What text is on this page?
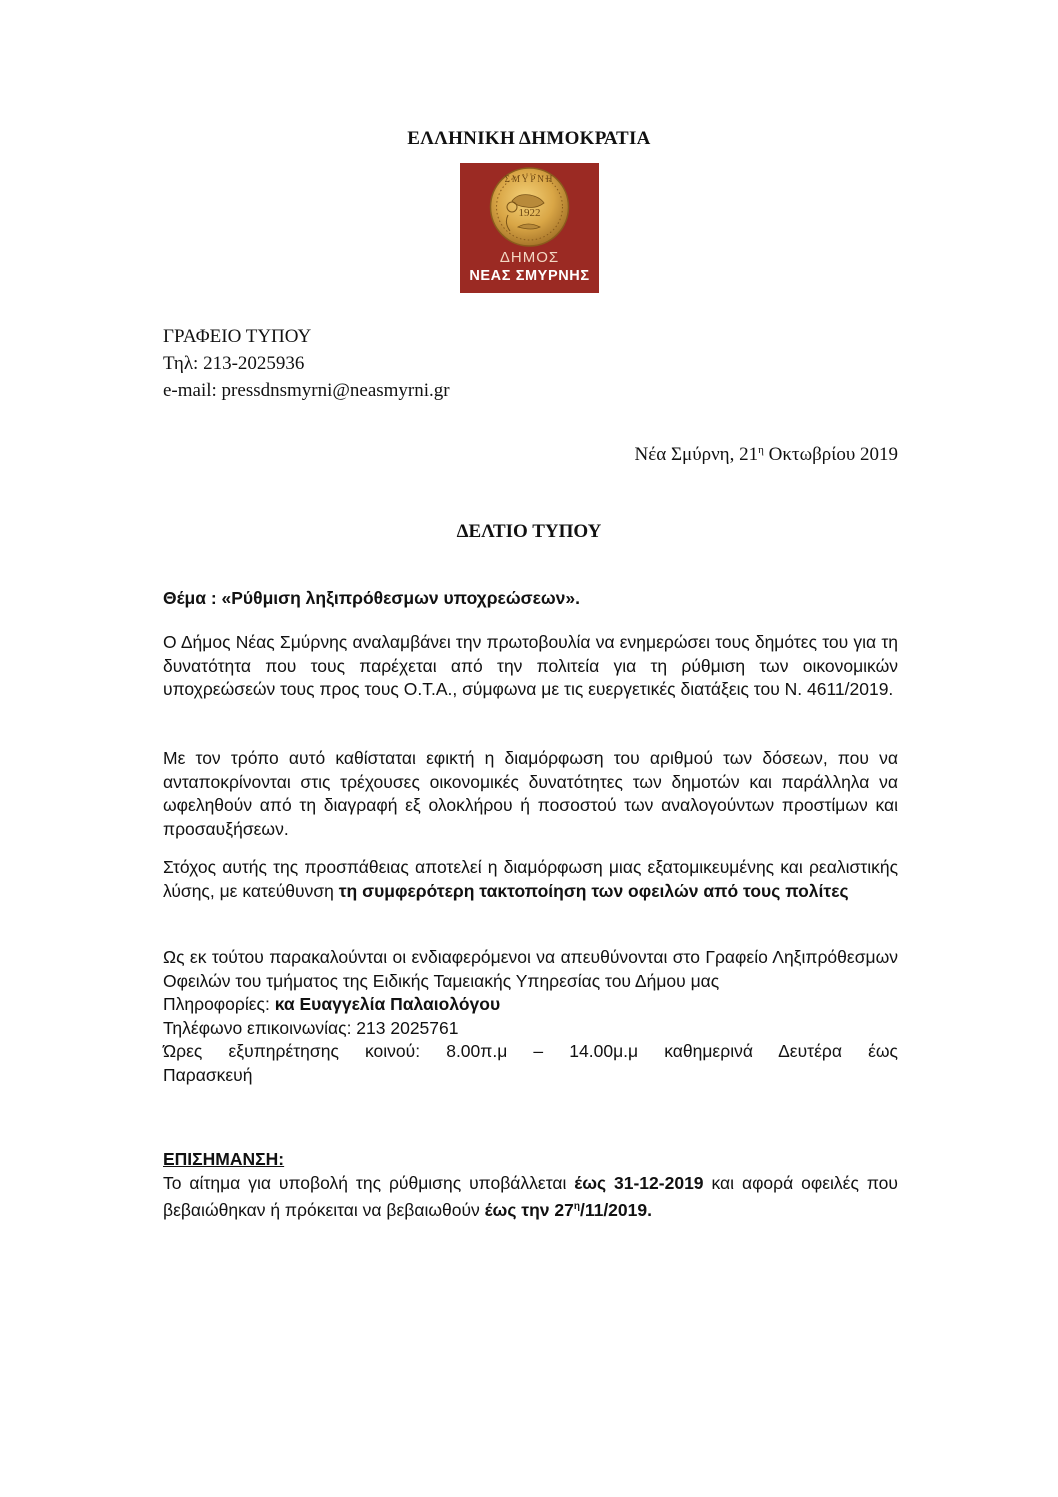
ΕΛΛΗΝΙΚΗ ΔΗΜΟΚΡΑΤΙΑ
1922
ΣΜΥΡΝΗ
ΔΗΜΟΣ
ΝΕΑΣ ΣΜΥΡΝΗΣ
ΓΡΑΦΕΙΟ ΤΥΠΟΥ
Τηλ: 213-2025936
e-mail: pressdnsmyrni@neasmyrni.gr
Νέα Σμύρνη, $21^\eta$ Οκτωβρίου 2019
ΔΕΛΤΙΟ ΤΥΠΟΥ
Θέμα : «Ρύθμιση ληξιπρόθεσμων υποχρεώσεων».
Ο Δήμος Νέας Σμύρνης αναλαμβάνει την πρωτοβουλία να ενημερώσει τους δημότες του για τη δυνατότητα που τους παρέχεται από την πολιτεία για τη ρύθμιση των οικονομικών υποχρεώσεών τους προς τους Ο.Τ.Α., σύμφωνα με τις ευεργετικές διατάξεις του Ν. 4611/2019.
Με τον τρόπο αυτό καθίσταται εφικτή η διαμόρφωση του αριθμού των δόσεων, που να ανταποκρίνονται στις τρέχουσες οικονομικές δυνατότητες των δημοτών και παράλληλα να ωφεληθούν από τη διαγραφή εξ ολοκλήρου ή ποσοστού των αναλογούντων προστίμων και προσαυξήσεων.
Στόχος αυτής της προσπάθειας αποτελεί η διαμόρφωση μιας εξατομικευμένης και ρεαλιστικής λύσης, με κατεύθυνση τη συμφερότερη τακτοποίηση των οφειλών από τους πολίτες
Ως εκ τούτου παρακαλούνται οι ενδιαφερόμενοι να απευθύνονται στο Γραφείο Ληξιπρόθεσμων Οφειλών του τμήματος της Ειδικής Ταμειακής Υπηρεσίας του Δήμου μας
Πληροφορίες: κα Ευαγγελία Παλαιολόγου
Τηλέφωνο επικοινωνίας: 213 2025761
Ώρες εξυπηρέτησης κοινού: 8.00π.μ – 14.00μ.μ καθημερινά Δευτέρα έως
Παρασκευή
ΕΠΙΣΗΜΑΝΣΗ:
Το αίτημα για υποβολή της ρύθμισης υποβάλλεται έως 31-12-2019 και αφορά οφειλές που βεβαιώθηκαν ή πρόκειται να βεβαιωθούν έως την $27^\eta/11/2019$.
